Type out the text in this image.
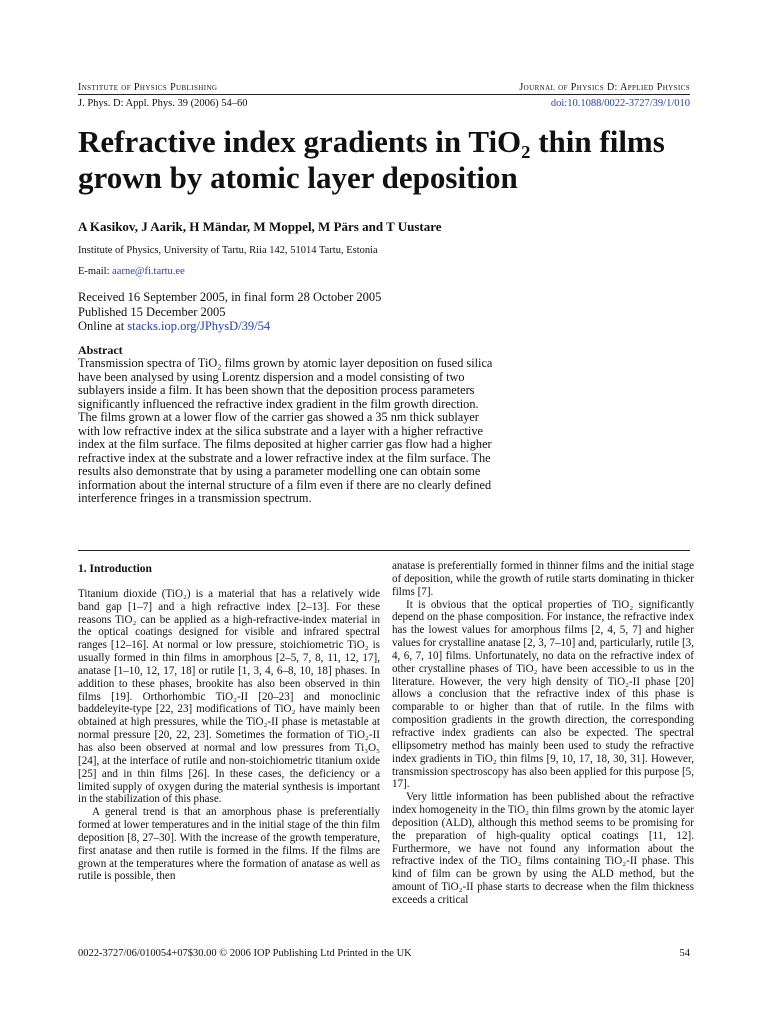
Institute of Physics Publishing	Journal of Physics D: Applied Physics
J. Phys. D: Appl. Phys. 39 (2006) 54–60	doi:10.1088/0022-3727/39/1/010
Refractive index gradients in TiO₂ thin films grown by atomic layer deposition
A Kasikov, J Aarik, H Mändar, M Moppel, M Pärs and T Uustare
Institute of Physics, University of Tartu, Riia 142, 51014 Tartu, Estonia
E-mail: aarne@fi.tartu.ee
Received 16 September 2005, in final form 28 October 2005
Published 15 December 2005
Online at stacks.iop.org/JPhysD/39/54
Abstract

Transmission spectra of TiO₂ films grown by atomic layer deposition on fused silica have been analysed by using Lorentz dispersion and a model consisting of two sublayers inside a film. It has been shown that the deposition process parameters significantly influenced the refractive index gradient in the film growth direction. The films grown at a lower flow of the carrier gas showed a 35 nm thick sublayer with low refractive index at the silica substrate and a layer with a higher refractive index at the film surface. The films deposited at higher carrier gas flow had a higher refractive index at the substrate and a lower refractive index at the film surface. The results also demonstrate that by using a parameter modelling one can obtain some information about the internal structure of a film even if there are no clearly defined interference fringes in a transmission spectrum.

1. Introduction

Titanium dioxide (TiO₂) is a material that has a relatively wide band gap [1–7] and a high refractive index [2–13]. For these reasons TiO₂ can be applied as a high-refractive-index material in the optical coatings designed for visible and infrared spectral ranges [12–16]. At normal or low pressure, stoichiometric TiO₂ is usually formed in thin films in amorphous [2–5, 7, 8, 11, 12, 17], anatase [1–10, 12, 17, 18] or rutile [1, 3, 4, 6–8, 10, 18] phases. In addition to these phases, brookite has also been observed in thin films [19]. Orthorhombic TiO₂-II [20–23] and monoclinic baddeleyite-type [22, 23] modifications of TiO₂ have mainly been obtained at high pressures, while the TiO₂-II phase is metastable at normal pressure [20, 22, 23]. Sometimes the formation of TiO₂-II has also been observed at normal and low pressures from Ti₃O₅ [24], at the interface of rutile and non-stoichiometric titanium oxide [25] and in thin films [26]. In these cases, the deficiency or a limited supply of oxygen during the material synthesis is important in the stabilization of this phase.

A general trend is that an amorphous phase is preferentially formed at lower temperatures and in the initial stage of the thin film deposition [8, 27–30]. With the increase of the growth temperature, first anatase and then rutile is formed in the films. If the films are grown at the temperatures where the formation of anatase as well as rutile is possible, then

anatase is preferentially formed in thinner films and the initial stage of deposition, while the growth of rutile starts dominating in thicker films [7].

It is obvious that the optical properties of TiO₂ significantly depend on the phase composition. For instance, the refractive index has the lowest values for amorphous films [2, 4, 5, 7] and higher values for crystalline anatase [2, 3, 7–10] and, particularly, rutile [3, 4, 6, 7, 10] films. Unfortunately, no data on the refractive index of other crystalline phases of TiO₂ have been accessible to us in the literature. However, the very high density of TiO₂-II phase [20] allows a conclusion that the refractive index of this phase is comparable to or higher than that of rutile. In the films with composition gradients in the growth direction, the corresponding refractive index gradients can also be expected. The spectral ellipsometry method has mainly been used to study the refractive index gradients in TiO₂ thin films [9, 10, 17, 18, 30, 31]. However, transmission spectroscopy has also been applied for this purpose [5, 17].

Very little information has been published about the refractive index homogeneity in the TiO₂ thin films grown by the atomic layer deposition (ALD), although this method seems to be promising for the preparation of high-quality optical coatings [11, 12]. Furthermore, we have not found any information about the refractive index of the TiO₂ films containing TiO₂-II phase. This kind of film can be grown by using the ALD method, but the amount of TiO₂-II phase starts to decrease when the film thickness exceeds a critical

0022-3727/06/010054+07$30.00 © 2006 IOP Publishing Ltd Printed in the UK	54
